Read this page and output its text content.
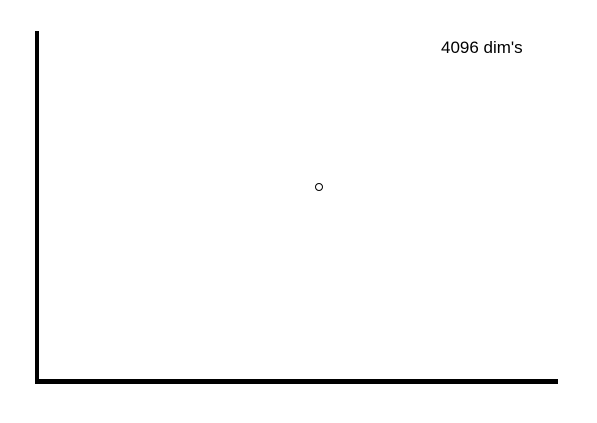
4096 dim's
